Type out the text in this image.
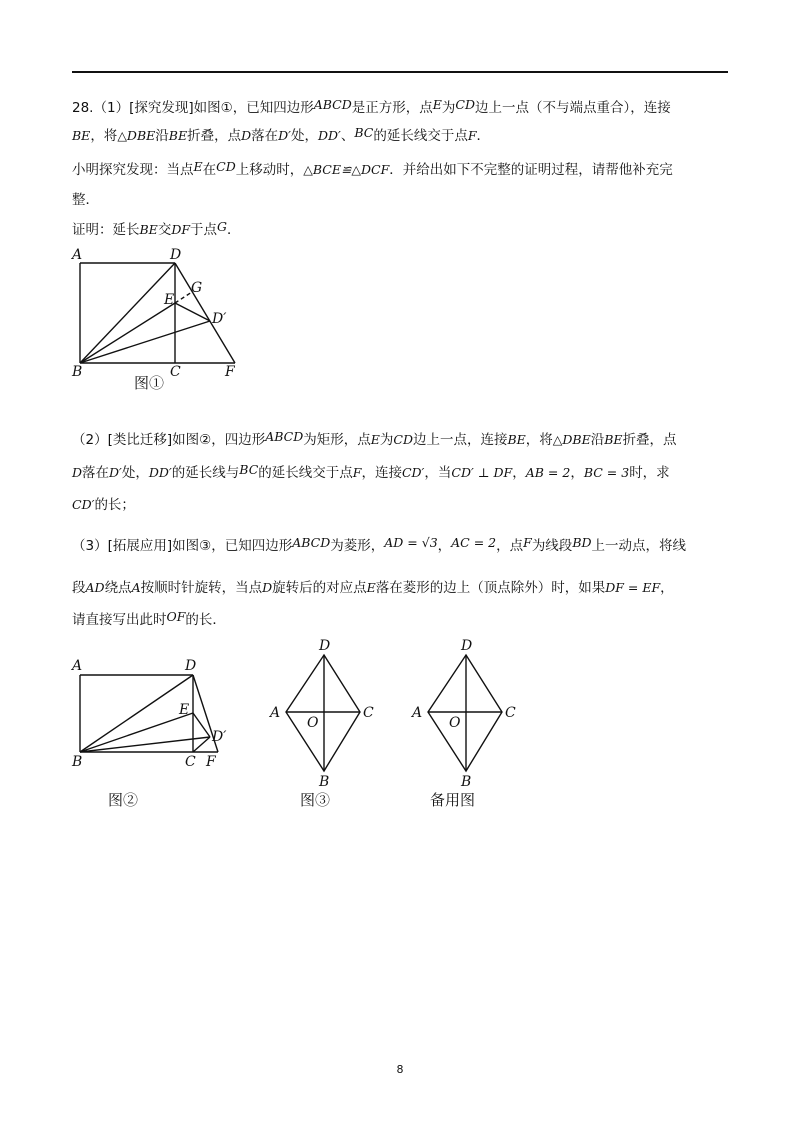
28.（1）[探究发现]如图①，已知四边形ABCD是正方形，点E为CD边上一点（不与端点重合），连接
BE，将△DBE沿BE折叠，点D落在D′处，DD′、BC的延长线交于点F．
小明探究发现：当点E在CD上移动时，△BCE≌△DCF．并给出如下不完整的证明过程，请帮他补充完
整．
证明：延长BE交DF于点G．
A	D
E
G
D′
B	C	F
图①
（2）[类比迁移]如图②，四边形ABCD为矩形，点E为CD边上一点，连接BE，将△DBE沿BE折叠，点
D落在D′处，DD′的延长线与BC的延长线交于点F，连接CD′，当CD′ ⊥ DF，AB = 2，BC = 3时，求
CD′的长；
（3）[拓展应用]如图③，已知四边形ABCD为菱形，AD = √3，AC = 2，点F为线段BD上一动点，将线
段AD绕点A按顺时针旋转，当点D旋转后的对应点E落在菱形的边上（顶点除外）时，如果DF = EF，
请直接写出此时OF的长．
A	D
E
D′
B	C F
图②
D
A
O
C
B
图③
D
A
O
C
B
备用图
8
